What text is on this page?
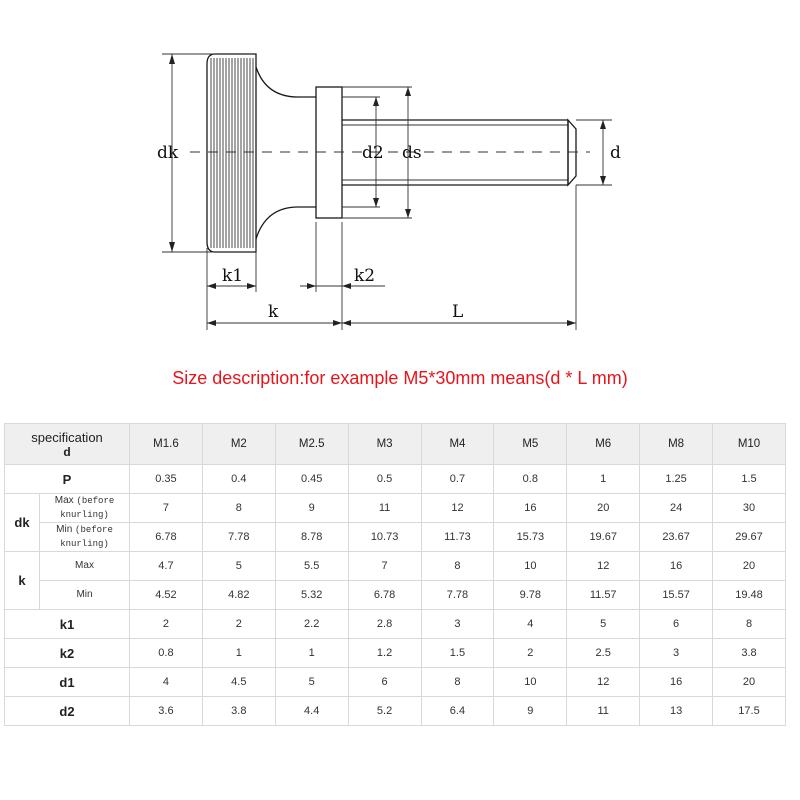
dk	d2 ds	d
k1	k2
k	L
Size description:for example M5*30mm means(d * L mm)
specification
d		M1.6	M2	M2.5	M3	M4	M5	M6	M8	M10
P		0.35	0.4	0.45	0.5	0.7	0.8	1	1.25	1.5
dk	Max (before knurling)	7	8	9	11	12	16	20	24	30
	Min (before knurling)	6.78	7.78	8.78	10.73	11.73	15.73	19.67	23.67	29.67
k	Max	4.7	5	5.5	7	8	10	12	16	20
	Min	4.52	4.82	5.32	6.78	7.78	9.78	11.57	15.57	19.48
k1		2	2	2.2	2.8	3	4	5	6	8
k2		0.8	1	1	1.2	1.5	2	2.5	3	3.8
d1		4	4.5	5	6	8	10	12	16	20
d2		3.6	3.8	4.4	5.2	6.4	9	11	13	17.5
